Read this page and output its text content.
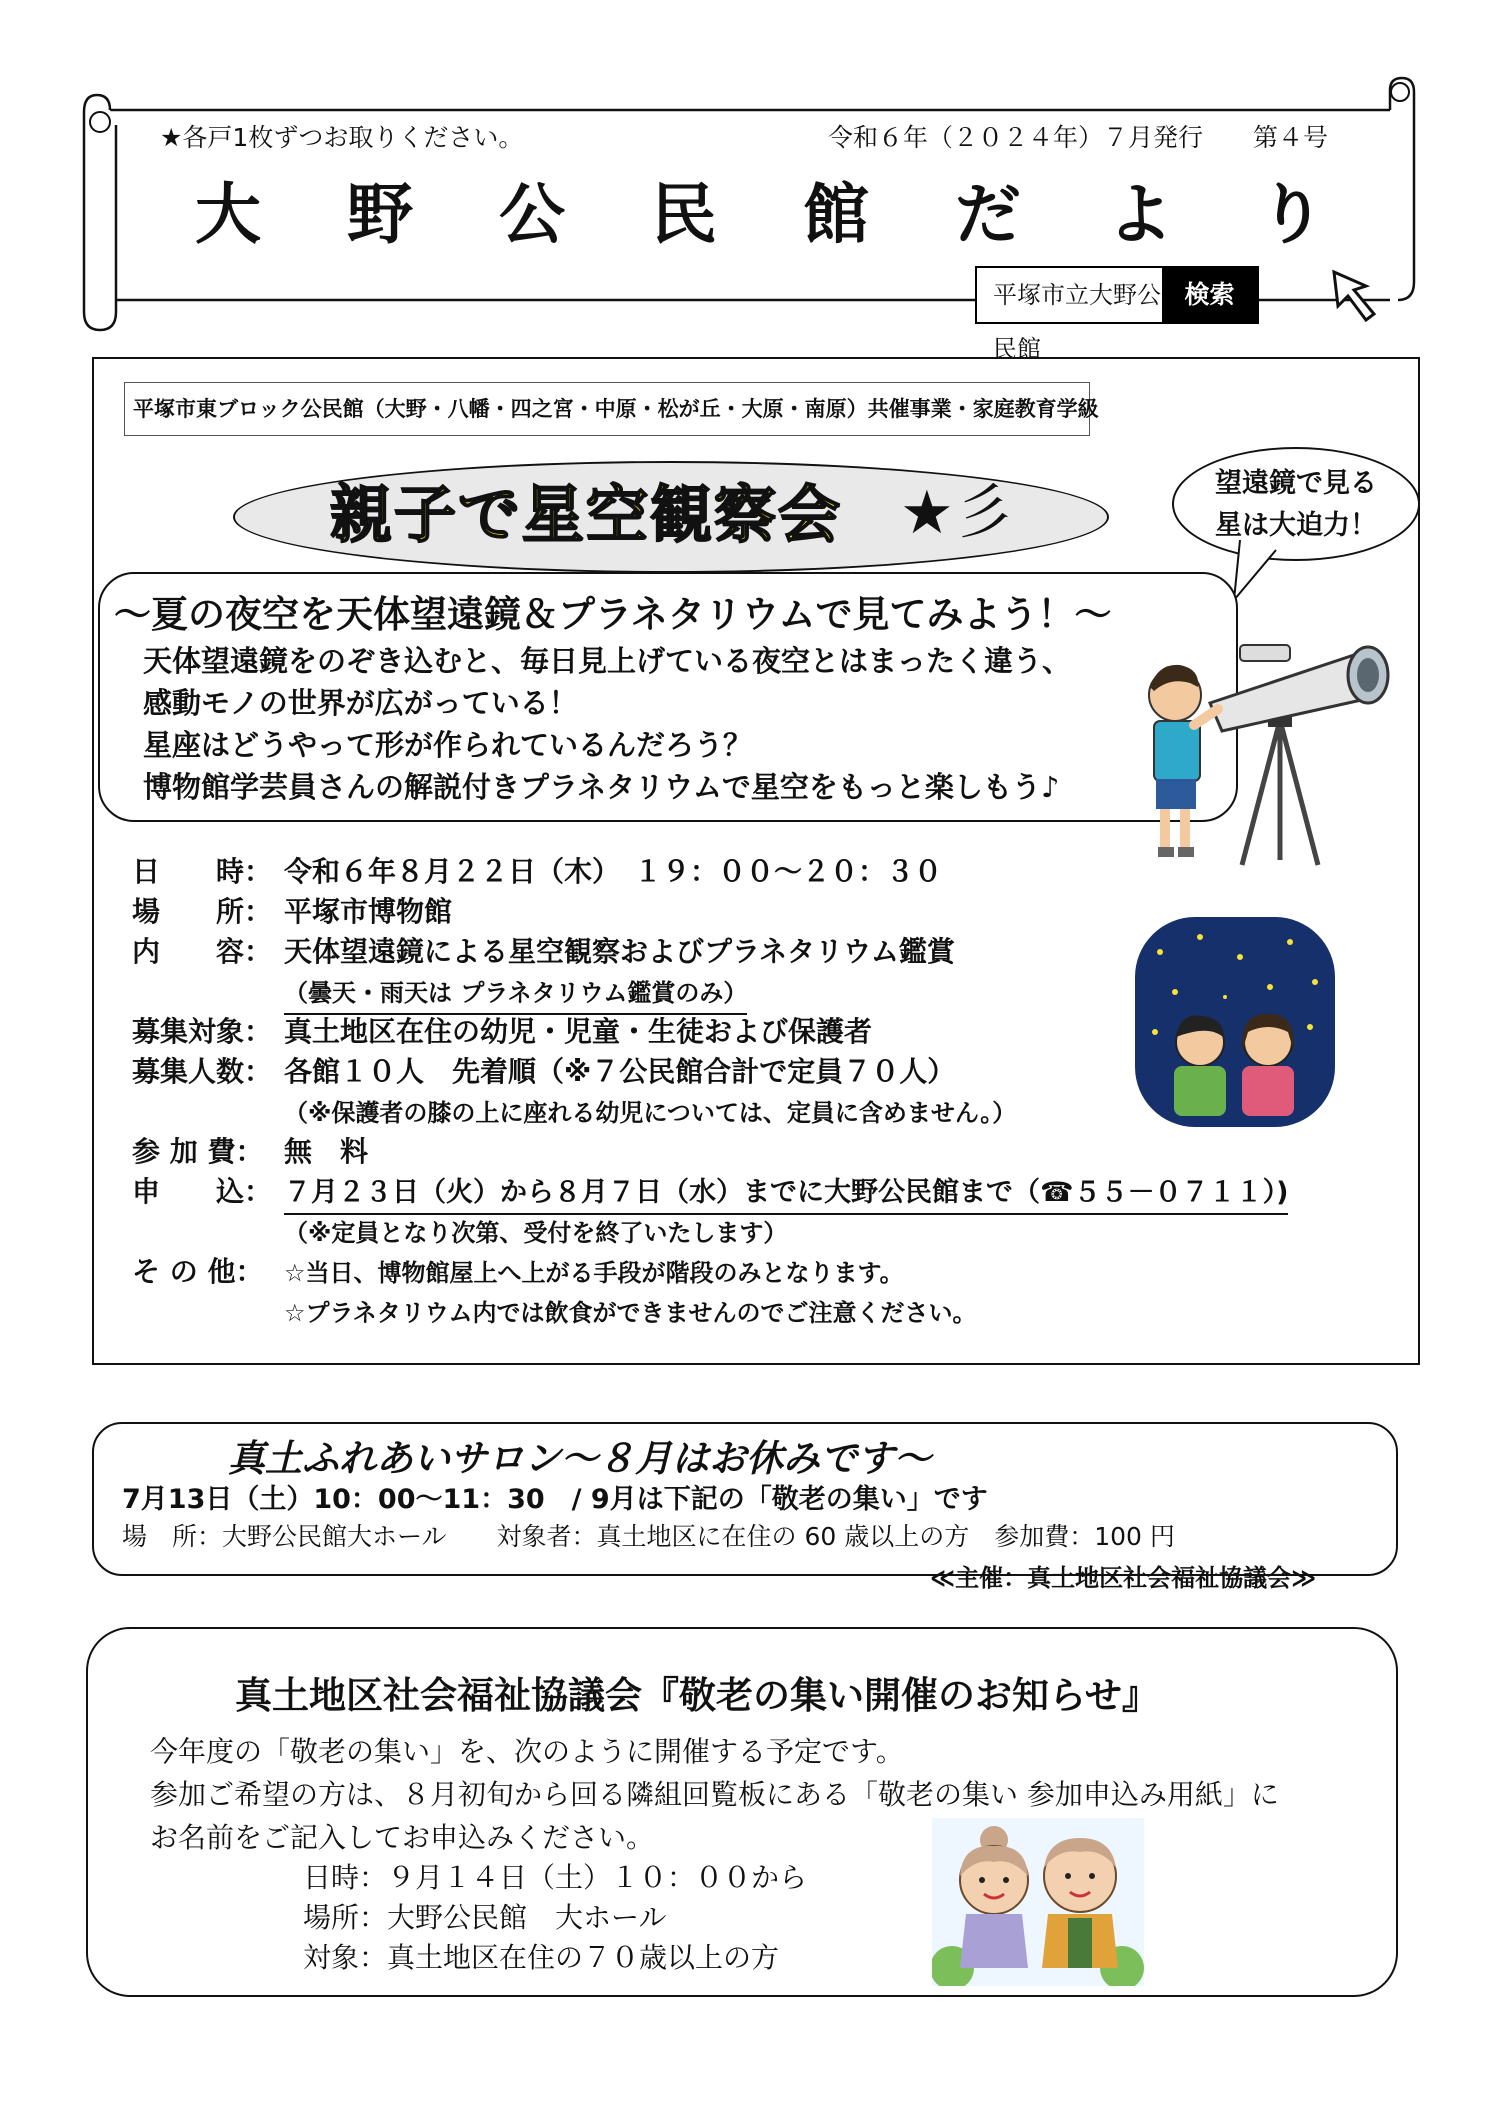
★各戸1枚ずつお取りください。	令和６年（２０２４年）７月発行　　第４号
大 野 公 民 館 だ よ り
平塚市立大野公民館
検索
平塚市東ブロック公民館（大野・八幡・四之宮・中原・松が丘・大原・南原）共催事業・家庭教育学級
親子で星空観察会 ★彡	望遠鏡で見る
星は大迫力！
～夏の夜空を天体望遠鏡＆プラネタリウムで見てみよう！～
天体望遠鏡をのぞき込むと、毎日見上げている夜空とはまったく違う、
感動モノの世界が広がっている！
星座はどうやって形が作られているんだろう？
博物館学芸員さんの解説付きプラネタリウムで星空をもっと楽しもう♪
日　　時： 令和６年８月２２日（木）　１９：００～２０：３０
場　　所： 平塚市博物館
内　　容： 天体望遠鏡による星空観察およびプラネタリウム鑑賞
（曇天・雨天は プラネタリウム鑑賞のみ）
募集対象： 真土地区在住の幼児・児童・生徒および保護者
募集人数： 各館１０人　先着順（※７公民館合計で定員７０人）
（※保護者の膝の上に座れる幼児については、定員に含めません。）
参 加 費： 無　料
申　　込： ７月２３日（火）から８月７日（水）までに大野公民館まで（☎５５－０７１１）)
（※定員となり次第、受付を終了いたします）
そ の 他： ☆当日、博物館屋上へ上がる手段が階段のみとなります。
☆プラネタリウム内では飲食ができませんのでご注意ください。
真土ふれあいサロン～８月はお休みです～
7月13日（土）10：00～11：30　/ 9月は下記の「敬老の集い」です
場　所：大野公民館大ホール　　対象者：真土地区に在住の 60 歳以上の方　参加費：100 円
≪主催：真土地区社会福祉協議会≫
真土地区社会福祉協議会『敬老の集い開催のお知らせ』
今年度の「敬老の集い」を、次のように開催する予定です。
参加ご希望の方は、８月初旬から回る隣組回覧板にある「敬老の集い 参加申込み用紙」に
お名前をご記入してお申込みください。
日時：９月１４日（土）１０：００から
場所：大野公民館　大ホール
対象：真土地区在住の７０歳以上の方
